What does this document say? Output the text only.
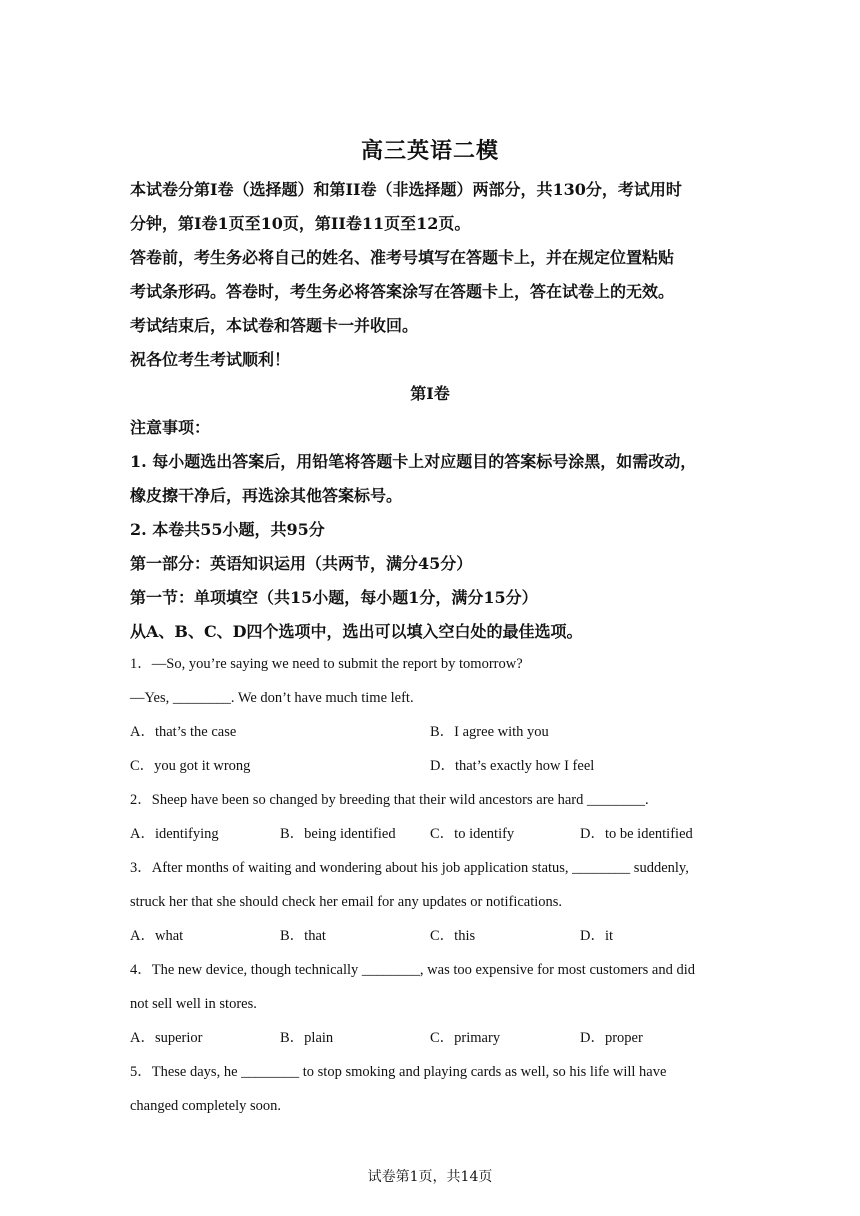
高三英语二模
本试卷分第I卷（选择题）和第II卷（非选择题）两部分，共130分，考试用时
分钟，第I卷1页至10页，第II卷11页至12页。
答卷前，考生务必将自己的姓名、准考号填写在答题卡上，并在规定位置粘贴
考试条形码。答卷时，考生务必将答案涂写在答题卡上，答在试卷上的无效。
考试结束后，本试卷和答题卡一并收回。
祝各位考生考试顺利！
第I卷
注意事项：
1. 每小题选出答案后，用铅笔将答题卡上对应题目的答案标号涂黑，如需改动，
橡皮擦干净后，再选涂其他答案标号。
2. 本卷共55小题，共95分
第一部分：英语知识运用（共两节，满分45分）
第一节：单项填空（共15小题，每小题1分，满分15分）
从A、B、C、D四个选项中，选出可以填入空白处的最佳选项。
1．—So, you’re saying we need to submit the report by tomorrow?
—Yes, ________. We don’t have much time left.
A．that’s the case	B．I agree with you
C．you got it wrong	D．that’s exactly how I feel
2．Sheep have been so changed by breeding that their wild ancestors are hard ________.
A．identifying	B．being identified C．to identify	D．to be identified
3．After months of waiting and wondering about his job application status, ________ suddenly,
struck her that she should check her email for any updates or notifications.
A．what	B．that	C．this	D．it
4．The new device, though technically ________, was too expensive for most customers and did
not sell well in stores.
A．superior	B．plain	C．primary	D．proper
5．These days, he ________ to stop smoking and playing cards as well, so his life will have
changed completely soon.
试卷第1页，共14页
